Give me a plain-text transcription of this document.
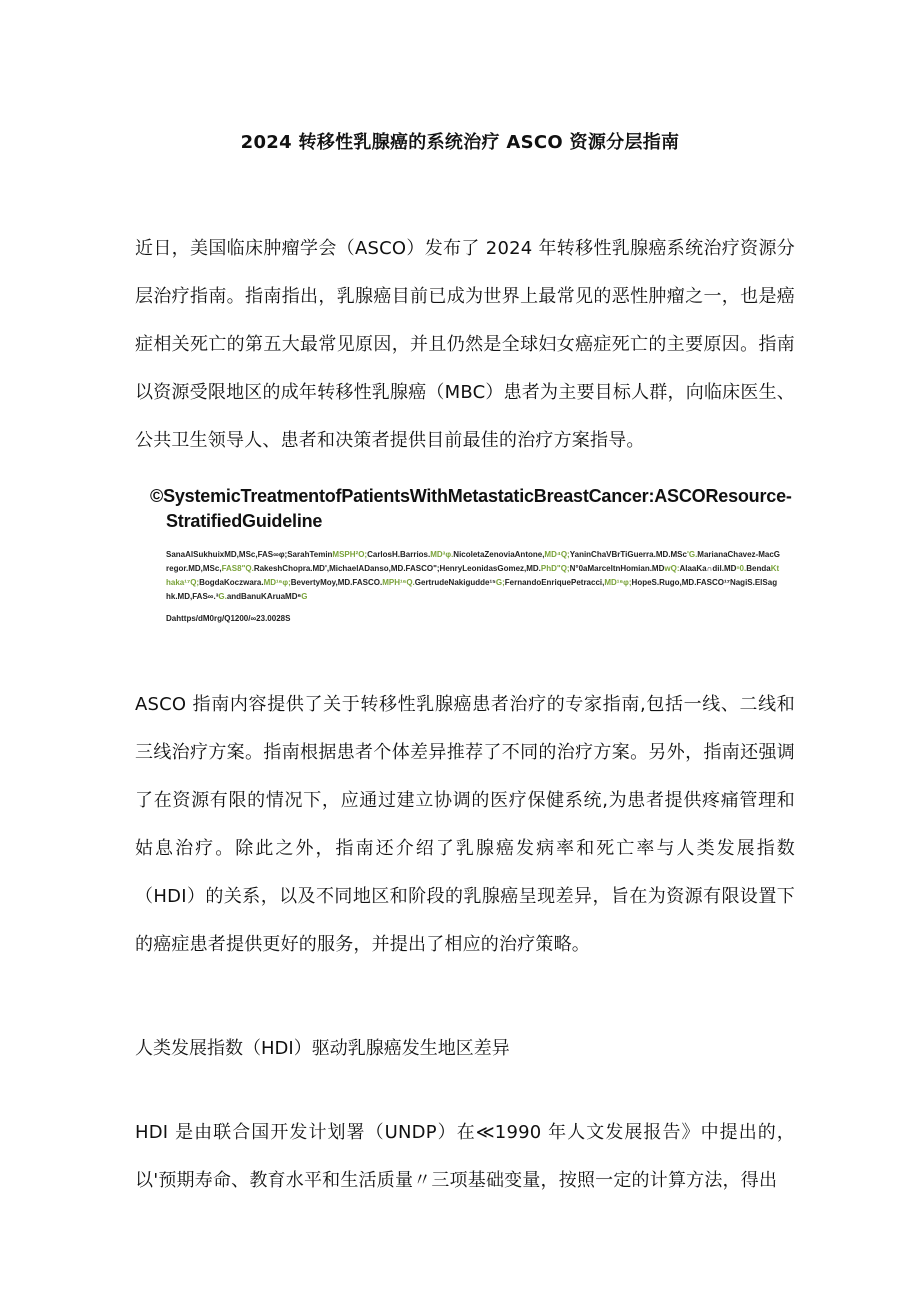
2024 转移性乳腺癌的系统治疗 ASCO 资源分层指南

近日，美国临床肿瘤学会（ASCO）发布了 2024 年转移性乳腺癌系统治疗资源分层治疗指南。指南指出，乳腺癌目前已成为世界上最常见的恶性肿瘤之一，也是癌症相关死亡的第五大最常见原因，并且仍然是全球妇女癌症死亡的主要原因。指南以资源受限地区的成年转移性乳腺癌（MBC）患者为主要目标人群，向临床医生、公共卫生领导人、患者和决策者提供目前最佳的治疗方案指导。

©SystemicTreatmentofPatientsWithMetastaticBreastCancer:ASCOResource-StratifiedGuideline

SanaAlSukhuixMD,MSc,FAS∞φ;SarahTeminMSPH²O;CarlosH.Barrios.MD³φ.NicoletaZenoviaAntone,MD⁴Q;YaninChaVBrTiGuerra.MD.MSc'G.MarianaChavez-MacGregor.MD,MSc,FAS8"Q.RakeshChopra.MD',MichaelADanso,MD.FASCO";HenryLeonidasGomez,MD.PhD"Q;N°0aMarceltnHomian.MDwQ:AlaaKa∩dil.MDⁿ0.BendaKthaka¹⁷Q;BogdaKoczwara.MD¹⁶φ;BevertyMoy,MD.FASCO.MPH¹⁶Q.GertrudeNakigudde¹⁵G;FernandoEnriquePetracci,MD¹⁶φ;HopeS.Rugo,MD.FASCO¹⁷NagiS.ElSaghk.MD,FAS∞.³G.andBanuKAruaMD⁶G
Dahttps/dM0rg/Q1200/∞23.0028S

ASCO 指南内容提供了关于转移性乳腺癌患者治疗的专家指南,包括一线、二线和三线治疗方案。指南根据患者个体差异推荐了不同的治疗方案。另外，指南还强调了在资源有限的情况下，应通过建立协调的医疗保健系统,为患者提供疼痛管理和姑息治疗。除此之外，指南还介绍了乳腺癌发病率和死亡率与人类发展指数（HDI）的关系，以及不同地区和阶段的乳腺癌呈现差异，旨在为资源有限设置下的癌症患者提供更好的服务，并提出了相应的治疗策略。

人类发展指数（HDI）驱动乳腺癌发生地区差异

HDI 是由联合国开发计划署（UNDP）在≪1990 年人文发展报告》中提出的，以'预期寿命、教育水平和生活质量〃三项基础变量，按照一定的计算方法，得出
